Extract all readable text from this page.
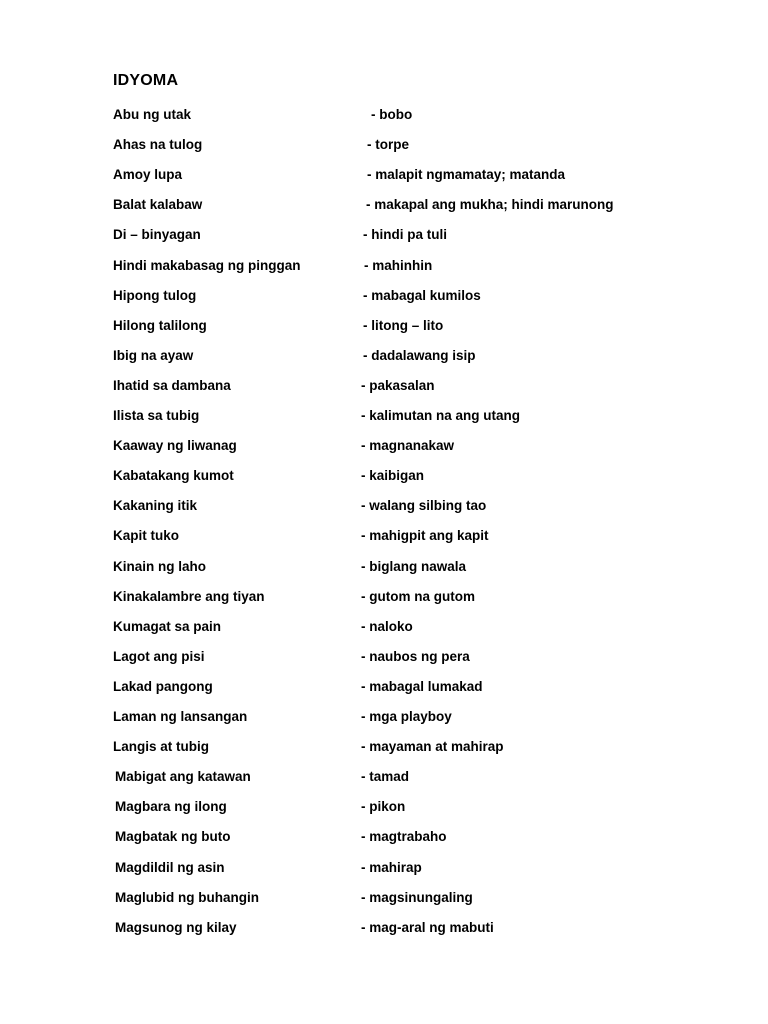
IDYOMA
Abu ng utak	- bobo
Ahas na tulog	- torpe
Amoy lupa	- malapit ngmamatay; matanda
Balat kalabaw	- makapal ang mukha; hindi marunong
Di – binyagan	- hindi pa tuli
Hindi makabasag ng pinggan	- mahinhin
Hipong tulog	- mabagal kumilos
Hilong talilong	- litong – lito
Ibig na ayaw	- dadalawang isip
Ihatid sa dambana	- pakasalan
Ilista sa tubig	- kalimutan na ang utang
Kaaway ng liwanag	- magnanakaw
Kabatakang kumot	- kaibigan
Kakaning itik	- walang silbing tao
Kapit tuko	- mahigpit ang kapit
Kinain ng laho	- biglang nawala
Kinakalambre ang tiyan	- gutom na gutom
Kumagat sa pain	- naloko
Lagot ang pisi	- naubos ng pera
Lakad pangong	- mabagal lumakad
Laman ng lansangan	- mga playboy
Langis at tubig	- mayaman at mahirap
Mabigat ang katawan	- tamad
Magbara ng ilong	- pikon
Magbatak ng buto	- magtrabaho
Magdildil ng asin	- mahirap
Maglubid ng buhangin	- magsinungaling
Magsunog ng kilay	- mag-aral ng mabuti
